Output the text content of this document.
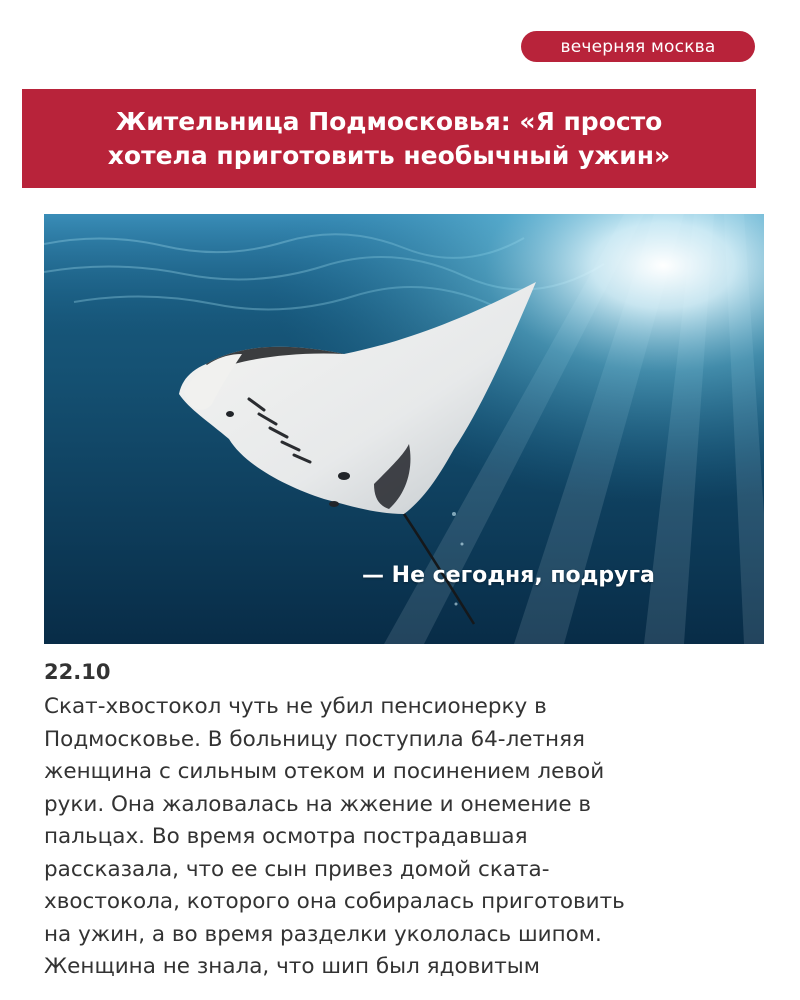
вечерняя москва
Жительница Подмосковья: «Я просто
хотела приготовить необычный ужин»
— Не сегодня, подруга
22.10

Скат-хвостокол чуть не убил пенсионерку в
Подмосковье. В больницу поступила 64-летняя
женщина с сильным отеком и посинением левой
руки. Она жаловалась на жжение и онемение в
пальцах. Во время осмотра пострадавшая
рассказала, что ее сын привез домой ската-
хвостокола, которого она собиралась приготовить
на ужин, а во время разделки укололась шипом.
Женщина не знала, что шип был ядовитым
